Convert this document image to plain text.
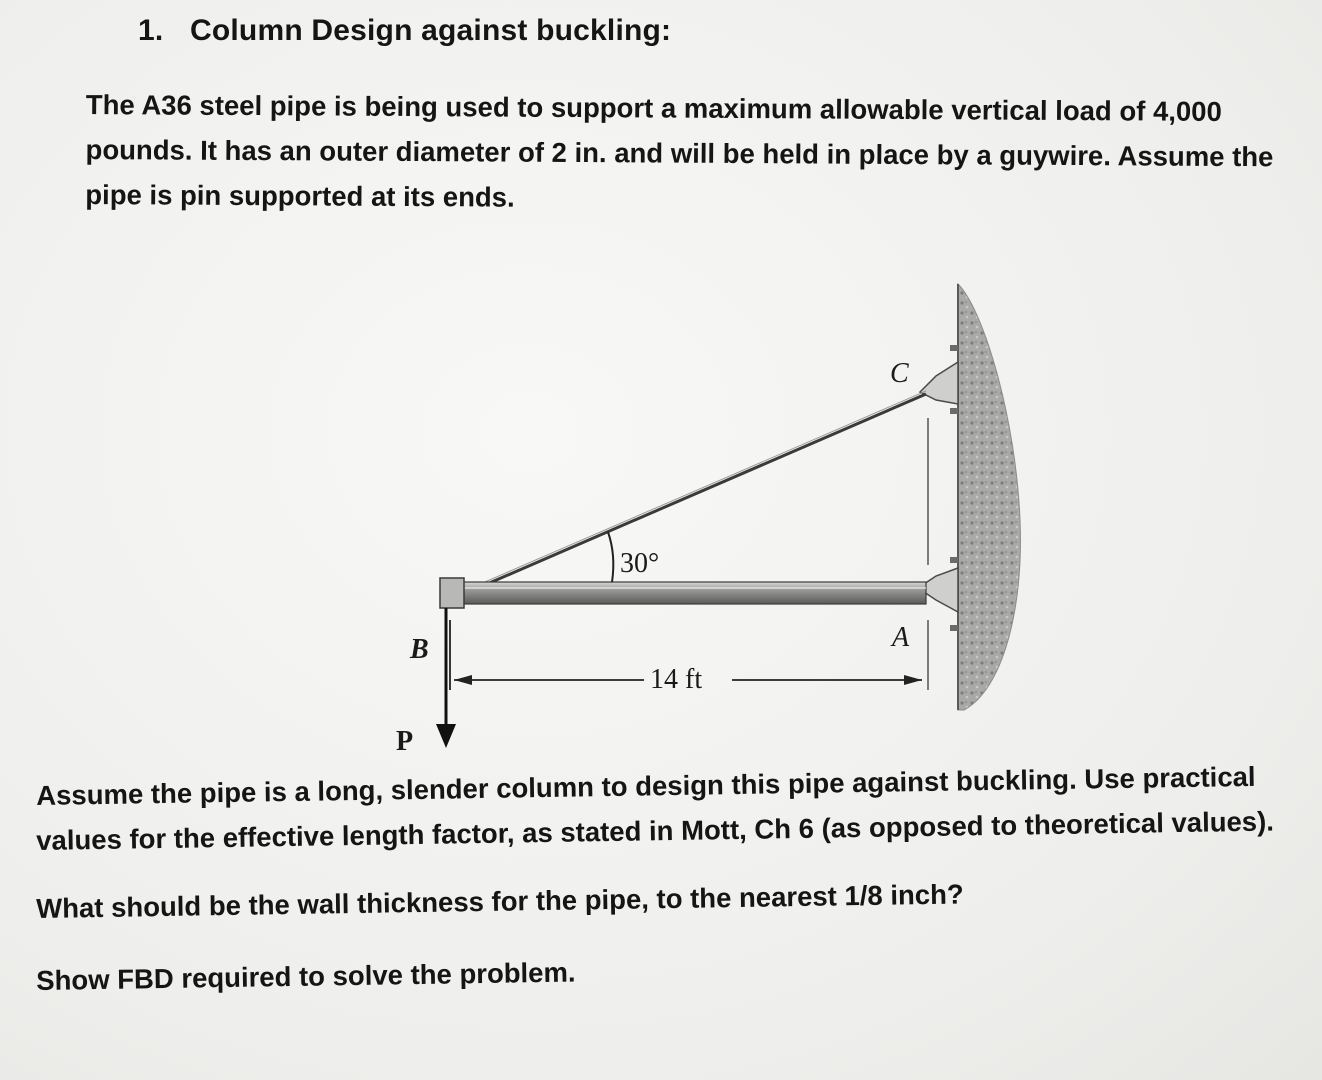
1. Column Design against buckling:
The A36 steel pipe is being used to support a maximum allowable vertical load of 4,000
pounds. It has an outer diameter of 2 in. and will be held in place by a guywire. Assume the
pipe is pin supported at its ends.
C
A
B
P
30°
14 ft
Assume the pipe is a long, slender column to design this pipe against buckling. Use practical
values for the effective length factor, as stated in Mott, Ch 6 (as opposed to theoretical values).
What should be the wall thickness for the pipe, to the nearest 1/8 inch?
Show FBD required to solve the problem.
